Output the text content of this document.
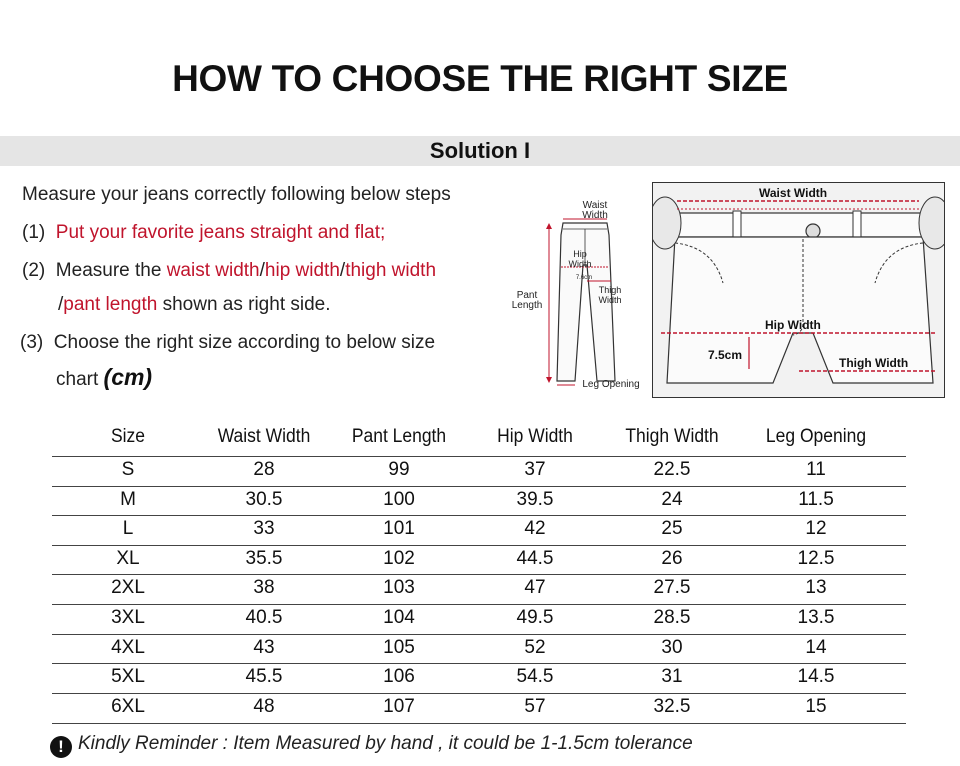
HOW TO CHOOSE THE RIGHT SIZE
Solution I
Measure your jeans correctly following below steps
(1) Put your favorite jeans straight and flat;
(2) Measure the waist width/hip width/thigh width
/pant length shown as right side.
(3) Choose the right size according to below size
chart (cm)
Waist
Width
Hip
Width
7.6cm
Thigh
Width
Pant
Length
Leg Opening
Waist Width
Hip Width
7.5cm
Thigh Width
Size	Waist Width	Pant Length	Hip Width	Thigh Width	Leg Opening
S	28	99	37	22.5	11
M	30.5	100	39.5	24	11.5
L	33	101	42	25	12
XL	35.5	102	44.5	26	12.5
2XL	38	103	47	27.5	13
3XL	40.5	104	49.5	28.5	13.5
4XL	43	105	52	30	14
5XL	45.5	106	54.5	31	14.5
6XL	48	107	57	32.5	15
! Kindly Reminder : Item Measured by hand , it could be 1-1.5cm tolerance
